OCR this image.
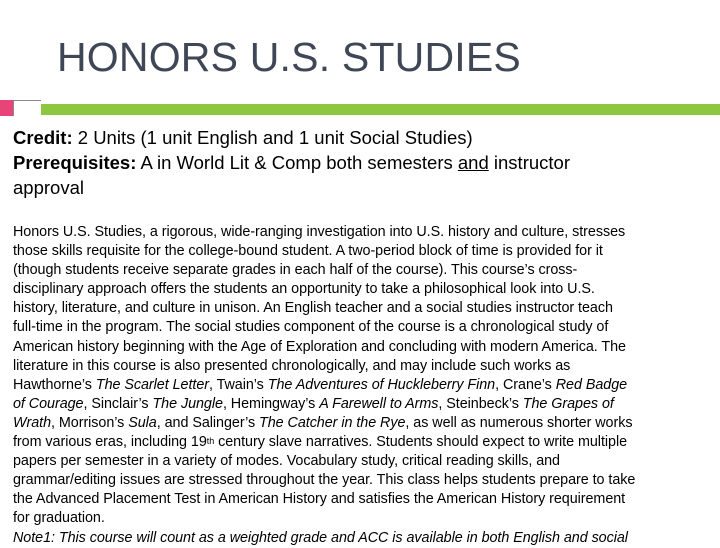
HONORS U.S. STUDIES
Credit: 2 Units (1 unit English and 1 unit Social Studies)
Prerequisites: A in World Lit & Comp both semesters and instructor
approval
Honors U.S. Studies, a rigorous, wide-ranging investigation into U.S. history and culture, stresses
those skills requisite for the college-bound student. A two-period block of time is provided for it
(though students receive separate grades in each half of the course). This course’s cross-
disciplinary approach offers the students an opportunity to take a philosophical look into U.S.
history, literature, and culture in unison. An English teacher and a social studies instructor teach
full-time in the program. The social studies component of the course is a chronological study of
American history beginning with the Age of Exploration and concluding with modern America. The
literature in this course is also presented chronologically, and may include such works as
Hawthorne’s The Scarlet Letter, Twain’s The Adventures of Huckleberry Finn, Crane’s Red Badge
of Courage, Sinclair’s The Jungle, Hemingway’s A Farewell to Arms, Steinbeck’s The Grapes of
Wrath, Morrison’s Sula, and Salinger’s The Catcher in the Rye, as well as numerous shorter works
from various eras, including 19th century slave narratives. Students should expect to write multiple
papers per semester in a variety of modes. Vocabulary study, critical reading skills, and
grammar/editing issues are stressed throughout the year. This class helps students prepare to take
the Advanced Placement Test in American History and satisfies the American History requirement
for graduation.
Note1: This course will count as a weighted grade and ACC is available in both English and social
